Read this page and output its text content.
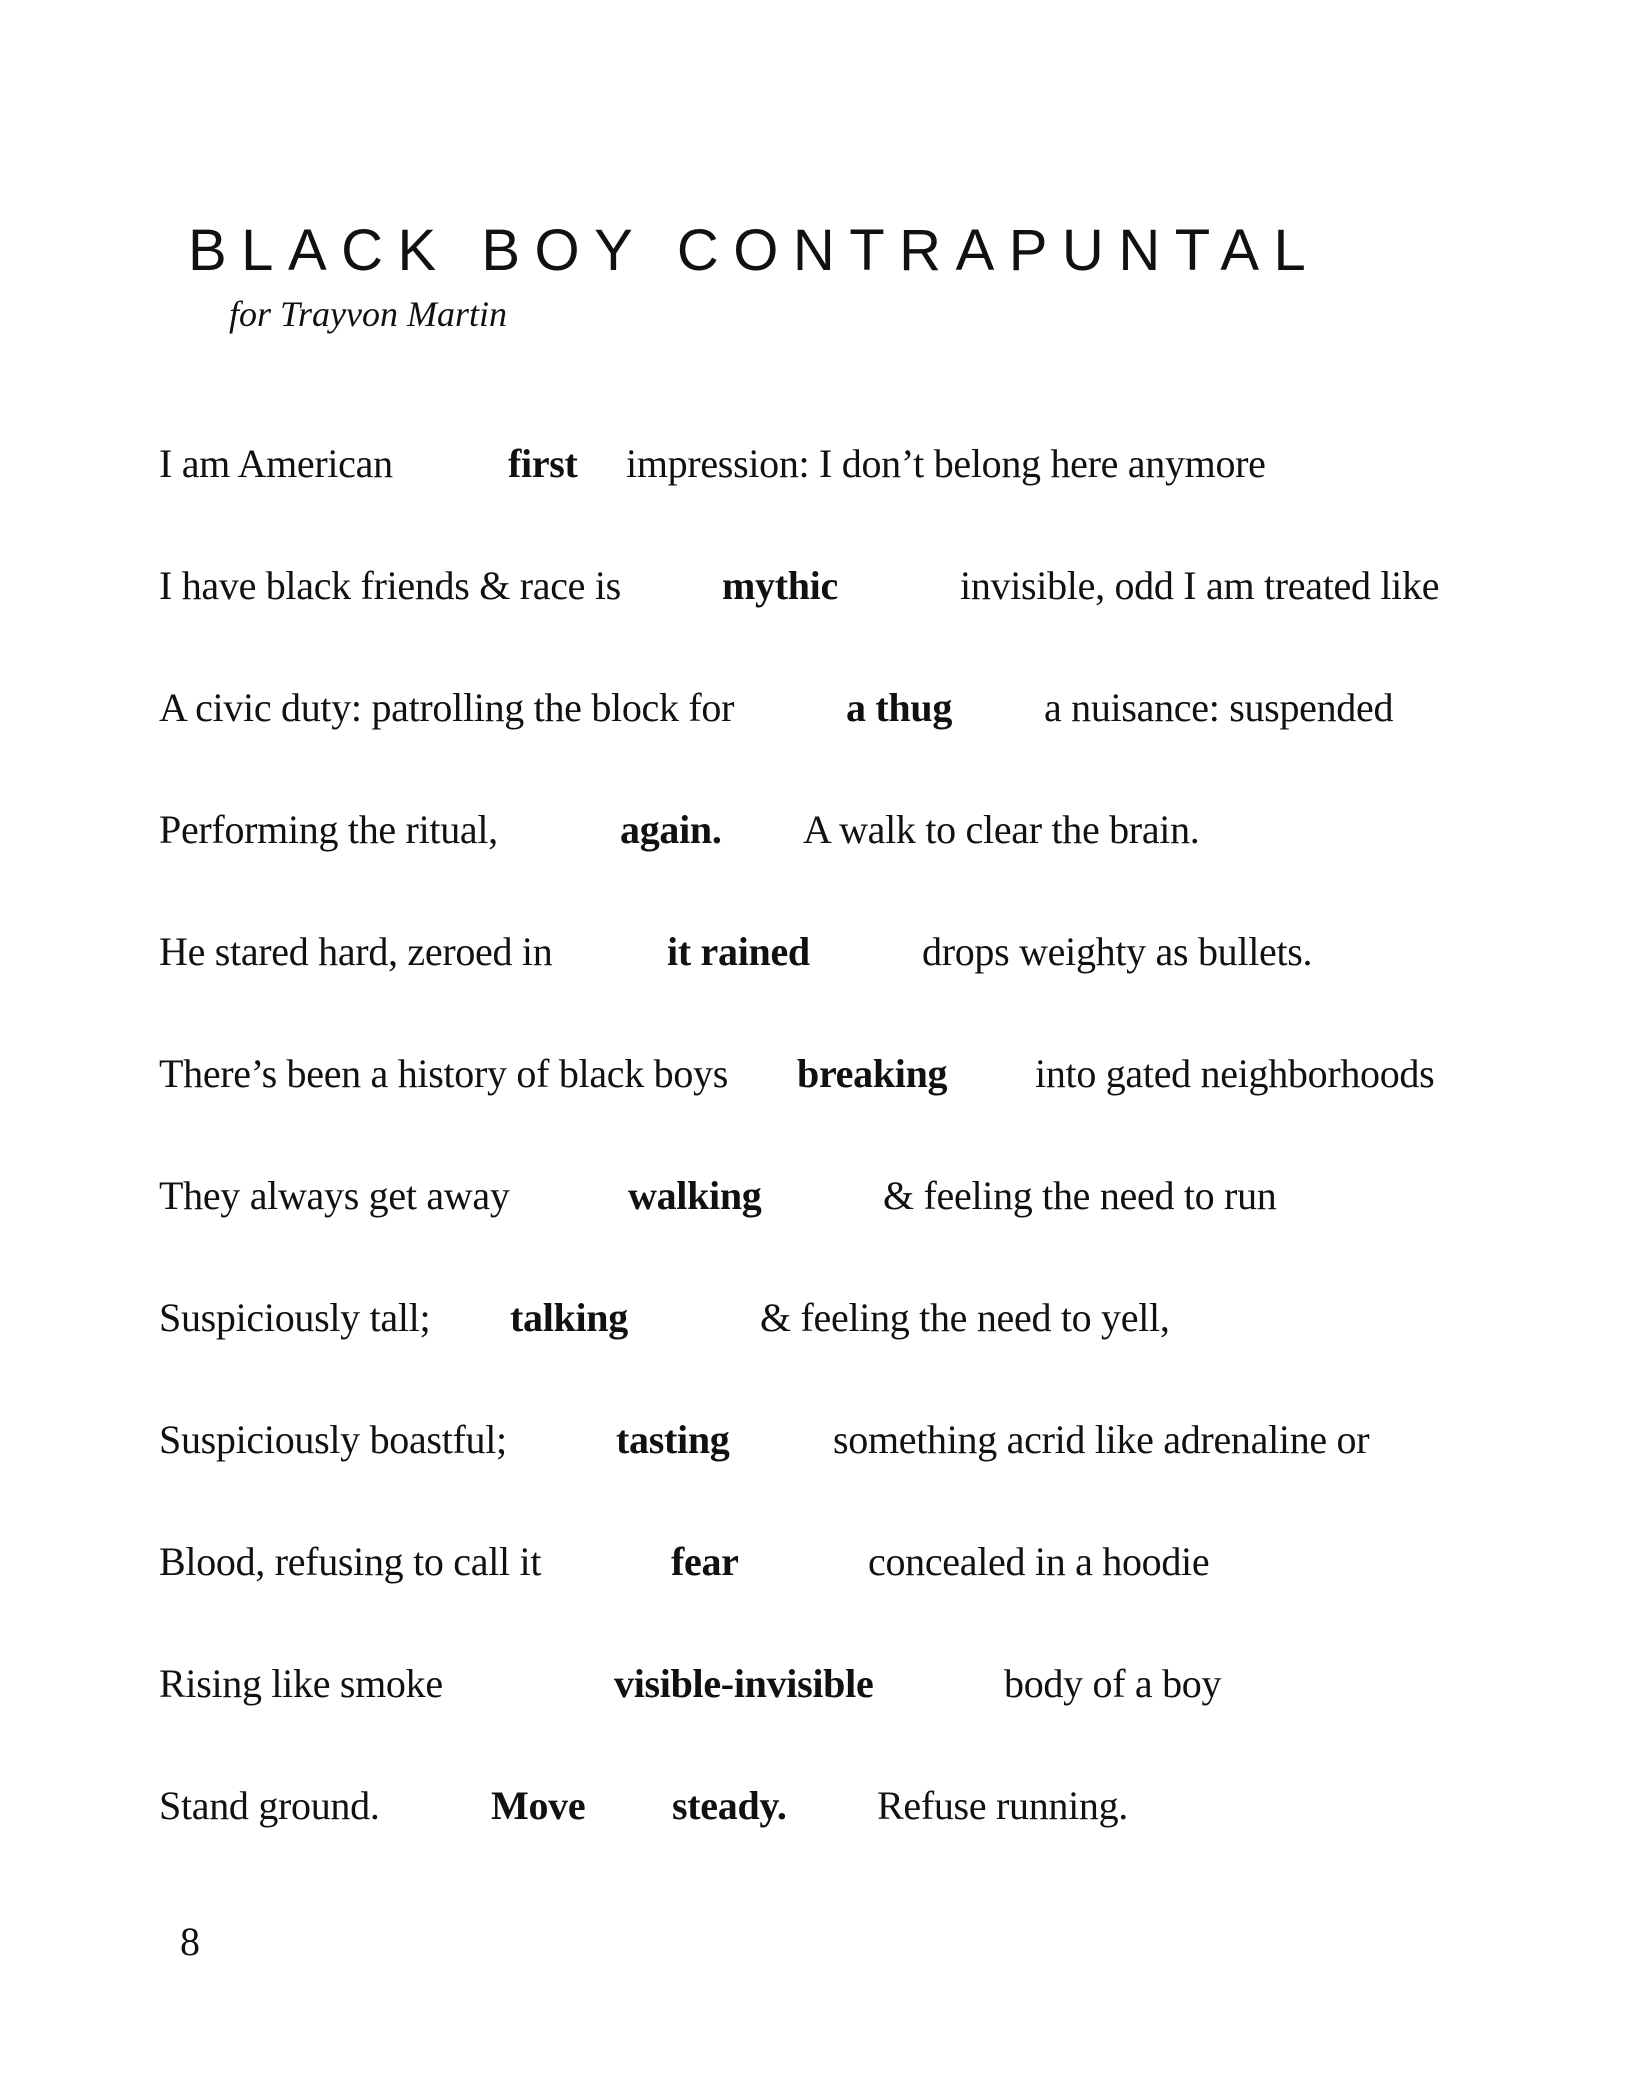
BLACK BOY CONTRAPUNTAL
for Trayvon Martin
I am American	first impression: I don’t belong here anymore
I have black friends & race is	mythic	invisible, odd I am treated like
A civic duty: patrolling the block for	a thug a nuisance: suspended
Performing the ritual,	again. A walk to clear the brain.
He stared hard, zeroed in	it rained	drops weighty as bullets.
There’s been a history of black boys breaking into gated neighborhoods
They always get away	walking	& feeling the need to run
Suspiciously tall; talking	& feeling the need to yell,
Suspiciously boastful;	tasting	something acrid like adrenaline or
Blood, refusing to call it	fear	concealed in a hoodie
Rising like smoke	visible-invisible	body of a boy
Stand ground.	Move steady. Refuse running.
8
